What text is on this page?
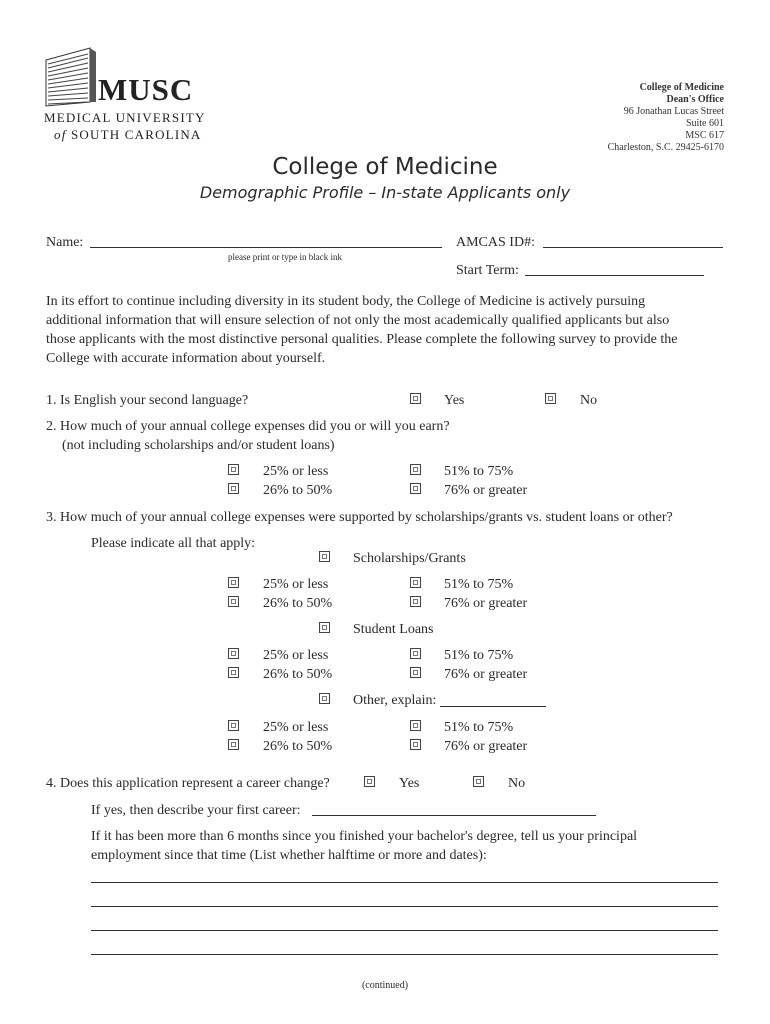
MUSC
MEDICAL UNIVERSITY
of SOUTH CAROLINA
College of Medicine
Dean's Office
96 Jonathan Lucas Street
Suite 601
MSC 617
Charleston, S.C. 29425-6170
College of Medicine
Demographic Profile – In-state Applicants only
Name:
please print or type in black ink
AMCAS ID#:
Start Term:
In its effort to continue including diversity in its student body, the College of Medicine is actively pursuing
additional information that will ensure selection of not only the most academically qualified applicants but also
those applicants with the most distinctive personal qualities. Please complete the following survey to provide the
College with accurate information about yourself.
1. Is English your second language?	Yes	No
2. How much of your annual college expenses did you or will you earn?
(not including scholarships and/or student loans)
25% or less	51% to 75%
26% to 50%	76% or greater
3. How much of your annual college expenses were supported by scholarships/grants vs. student loans or other?
Please indicate all that apply:
Scholarships/Grants
25% or less	51% to 75%
26% to 50%	76% or greater
Student Loans
25% or less	51% to 75%
26% to 50%	76% or greater
Other, explain:
25% or less	51% to 75%
26% to 50%	76% or greater
4. Does this application represent a career change?	Yes	No
If yes, then describe your first career:
If it has been more than 6 months since you finished your bachelor's degree, tell us your principal
employment since that time (List whether halftime or more and dates):
(continued)
